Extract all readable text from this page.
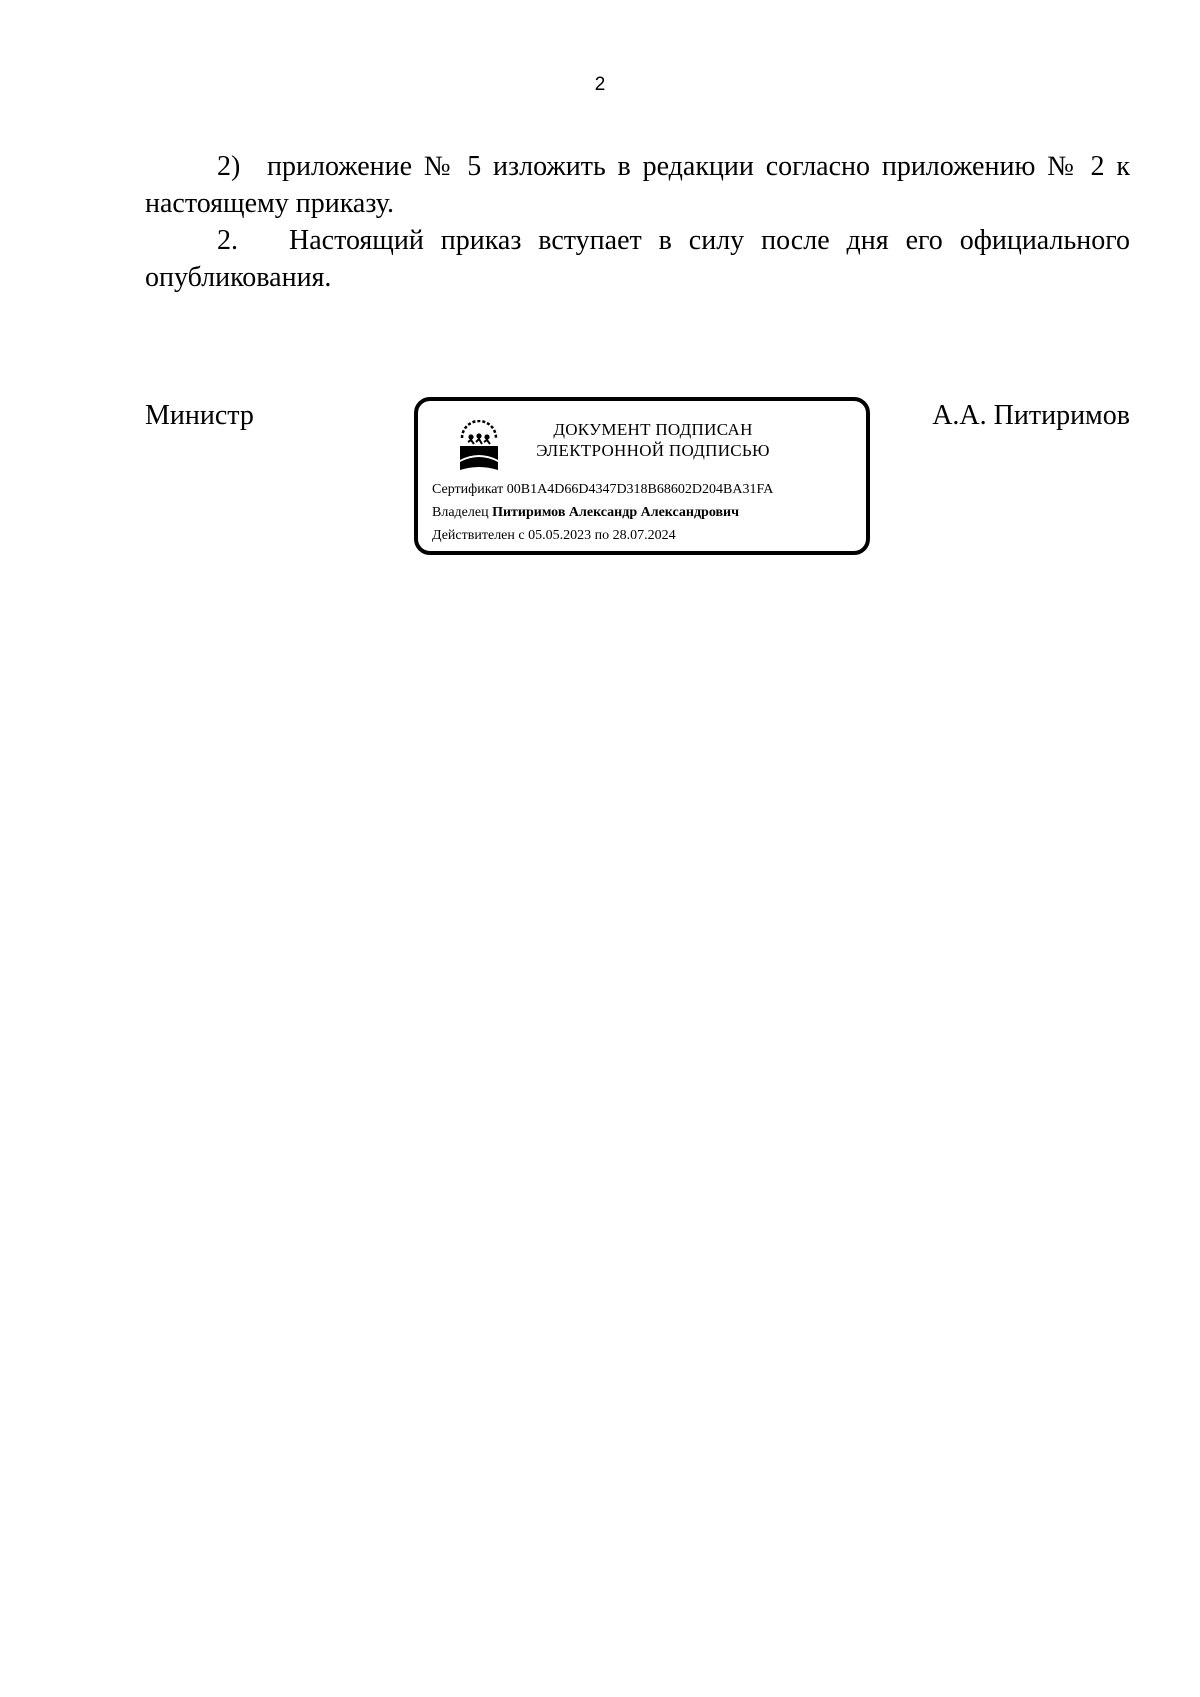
2

2) приложение № 5 изложить в редакции согласно приложению № 2 к настоящему приказу.

2. Настоящий приказ вступает в силу после дня его официального опубликования.

Министр	А.А. Питиримов
ДОКУМЕНТ ПОДПИСАН
ЭЛЕКТРОННОЙ ПОДПИСЬЮ
Сертификат 00B1A4D66D4347D318B68602D204BA31FA
Владелец Питиримов Александр Александрович
Действителен с 05.05.2023 по 28.07.2024
